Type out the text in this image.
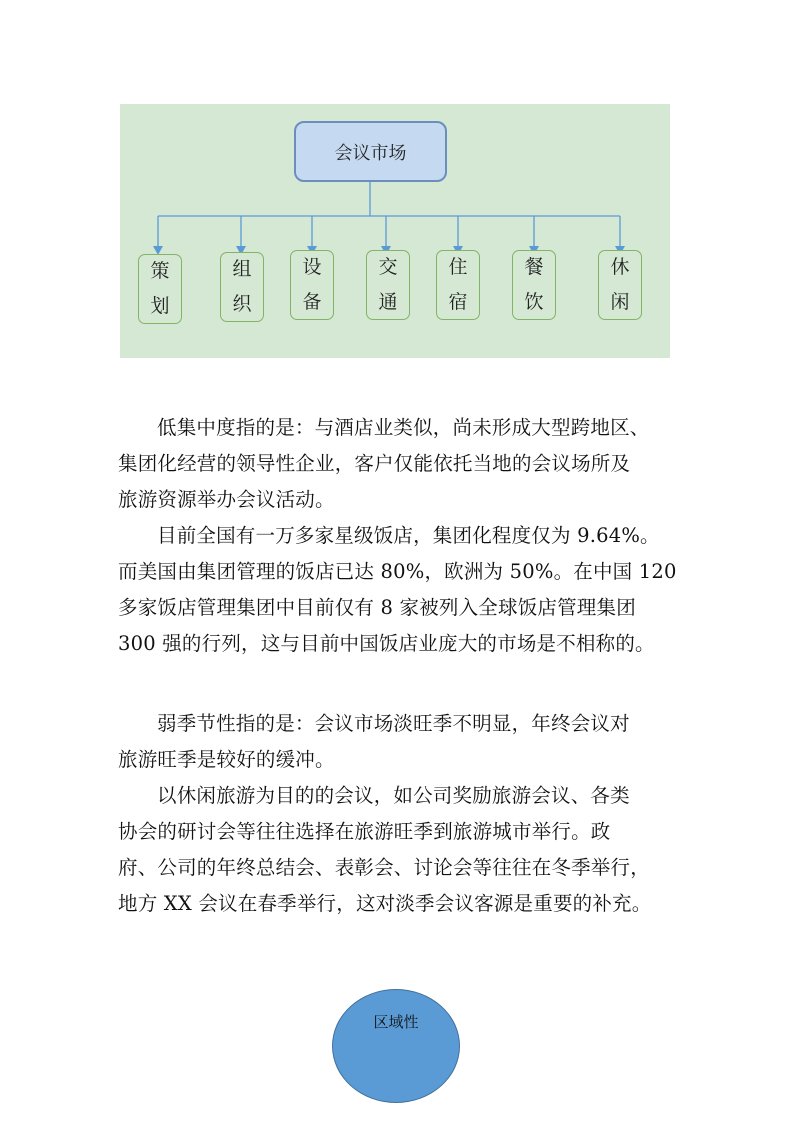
会议市场
策
划
组
织
设
备
交
通
住
宿
餐
饮
休
闲

低集中度指的是：与酒店业类似，尚未形成大型跨地区、

集团化经营的领导性企业，客户仅能依托当地的会议场所及

旅游资源举办会议活动。

目前全国有一万多家星级饭店，集团化程度仅为 9.64%。

而美国由集团管理的饭店已达 80%，欧洲为 50%。在中国 120

多家饭店管理集团中目前仅有 8 家被列入全球饭店管理集团

300 强的行列，这与目前中国饭店业庞大的市场是不相称的。

弱季节性指的是：会议市场淡旺季不明显，年终会议对

旅游旺季是较好的缓冲。

以休闲旅游为目的的会议，如公司奖励旅游会议、各类

协会的研讨会等往往选择在旅游旺季到旅游城市举行。政

府、公司的年终总结会、表彰会、讨论会等往往在冬季举行，

地方 XX 会议在春季举行，这对淡季会议客源是重要的补充。

区域性
